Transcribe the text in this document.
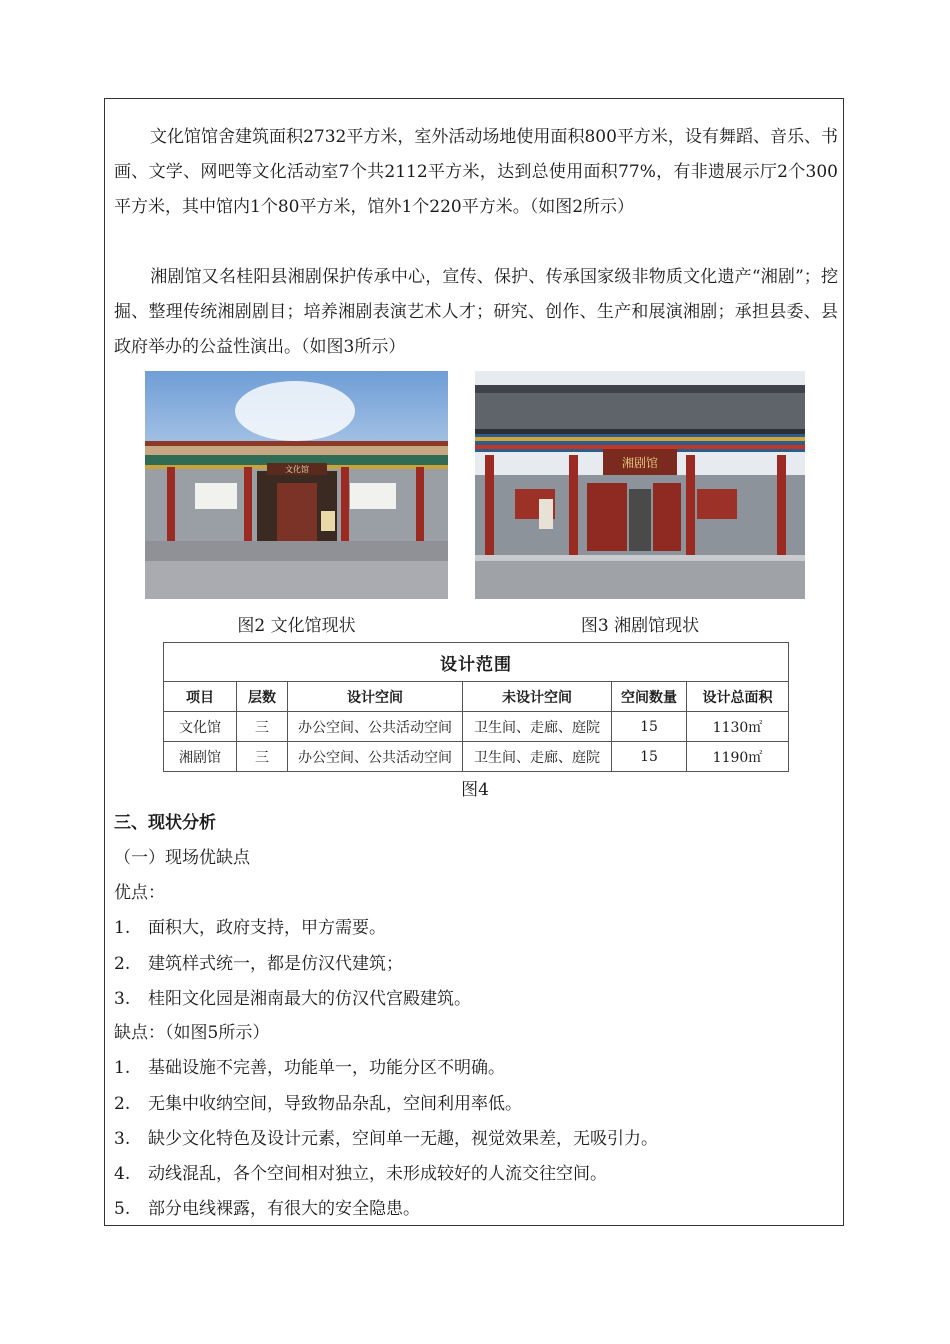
文化馆馆舍建筑面积2732平方米，室外活动场地使用面积800平方米，设有舞蹈、音乐、书画、文学、网吧等文化活动室7个共2112平方米，达到总使用面积77%，有非遗展示厅2个300平方米，其中馆内1个80平方米，馆外1个220平方米。（如图2所示）

湘剧馆又名桂阳县湘剧保护传承中心，宣传、保护、传承国家级非物质文化遗产“湘剧”；挖掘、整理传统湘剧剧目；培养湘剧表演艺术人才；研究、创作、生产和展演湘剧；承担县委、县政府举办的公益性演出。（如图3所示）

文化馆	湘剧馆
图2 文化馆现状	图3 湘剧馆现状
设计范围					
项目	层数	设计空间	未设计空间	空间数量	设计总面积
文化馆	三	办公空间、公共活动空间	卫生间、走廊、庭院	15	1130㎡
湘剧馆	三	办公空间、公共活动空间	卫生间、走廊、庭院	15	1190㎡
图4
三、现状分析
（一）现场优缺点
优点：
1. 面积大，政府支持，甲方需要。
2. 建筑样式统一，都是仿汉代建筑；
3. 桂阳文化园是湘南最大的仿汉代宫殿建筑。
缺点：（如图5所示）
1. 基础设施不完善，功能单一，功能分区不明确。
2. 无集中收纳空间，导致物品杂乱，空间利用率低。
3. 缺少文化特色及设计元素，空间单一无趣，视觉效果差，无吸引力。
4. 动线混乱，各个空间相对独立，未形成较好的人流交往空间。
5. 部分电线裸露，有很大的安全隐患。
